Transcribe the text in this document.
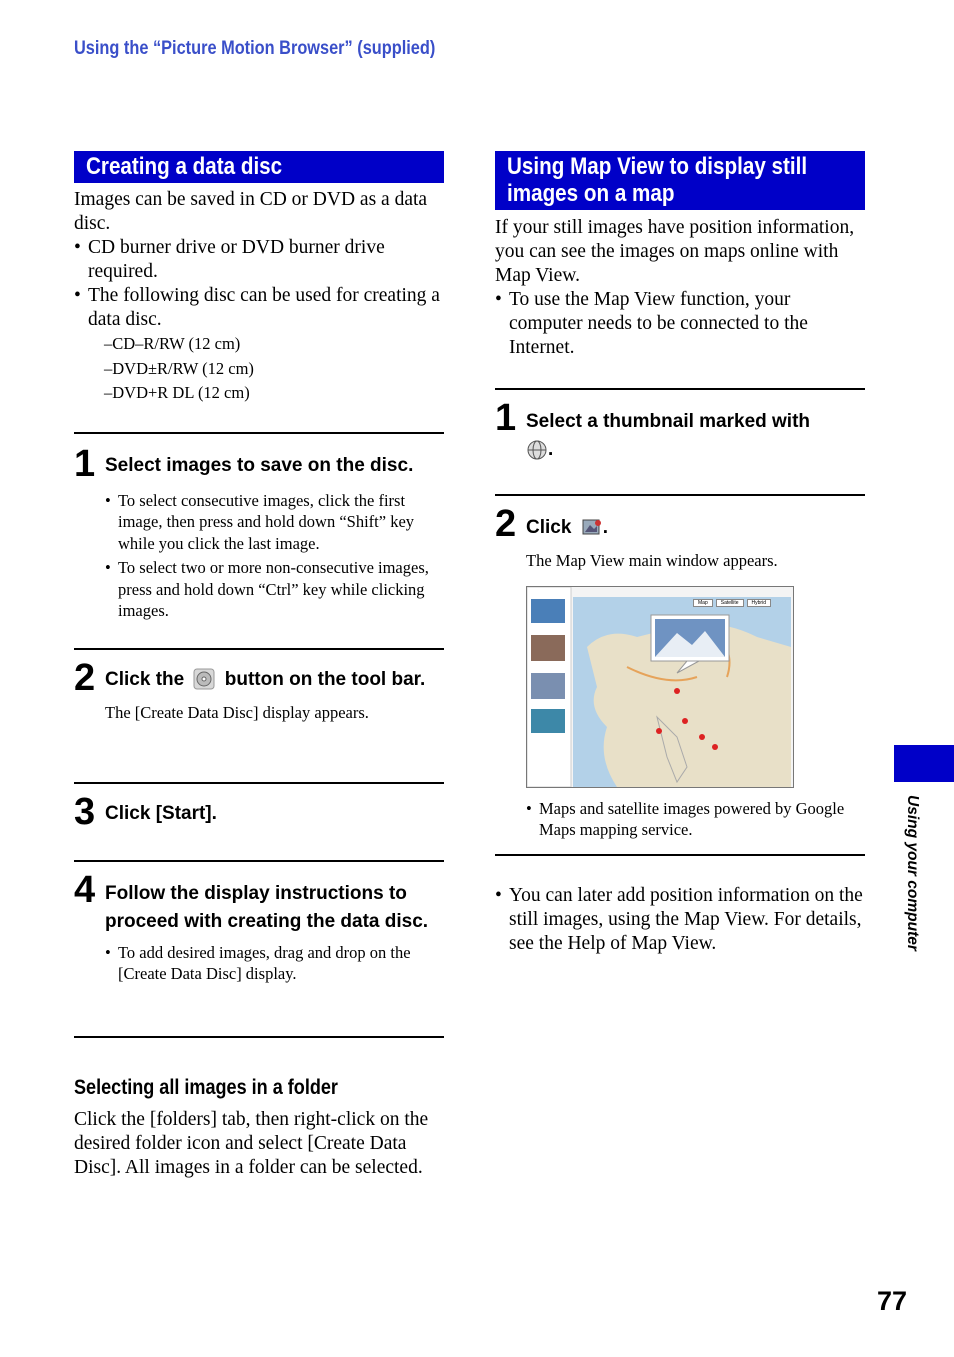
Using the “Picture Motion Browser” (supplied)
Creating a data disc

Images can be saved in CD or DVD as a data disc.

• CD burner drive or DVD burner drive required.
• The following disc can be used for creating a data disc.
–CD–R/RW (12 cm)
–DVD±R/RW (12 cm)
–DVD+R DL (12 cm)
1 Select images to save on the disc.
• To select consecutive images, click the first image, then press and hold down “Shift” key while you click the last image.
• To select two or more non-consecutive images, press and hold down “Ctrl” key while clicking images.
2 Click the button on the tool bar.
The [Create Data Disc] display appears.
3 Click [Start].
4 Follow the display instructions to proceed with creating the data disc.
• To add desired images, drag and drop on the [Create Data Disc] display.
Selecting all images in a folder

Click the [folders] tab, then right-click on the desired folder icon and select [Create Data Disc]. All images in a folder can be selected.

Using Map View to display still images on a map

If your still images have position information, you can see the images on maps online with Map View.

• To use the Map View function, your computer needs to be connected to the Internet.
1 Select a thumbnail marked with
.
2 Click .
The Map View main window appears.
Map	Satellite	Hybrid
• Maps and satellite images powered by Google Maps mapping service.
• You can later add position information on the still images, using the Map View. For details, see the Help of Map View.	Using your computer
77
